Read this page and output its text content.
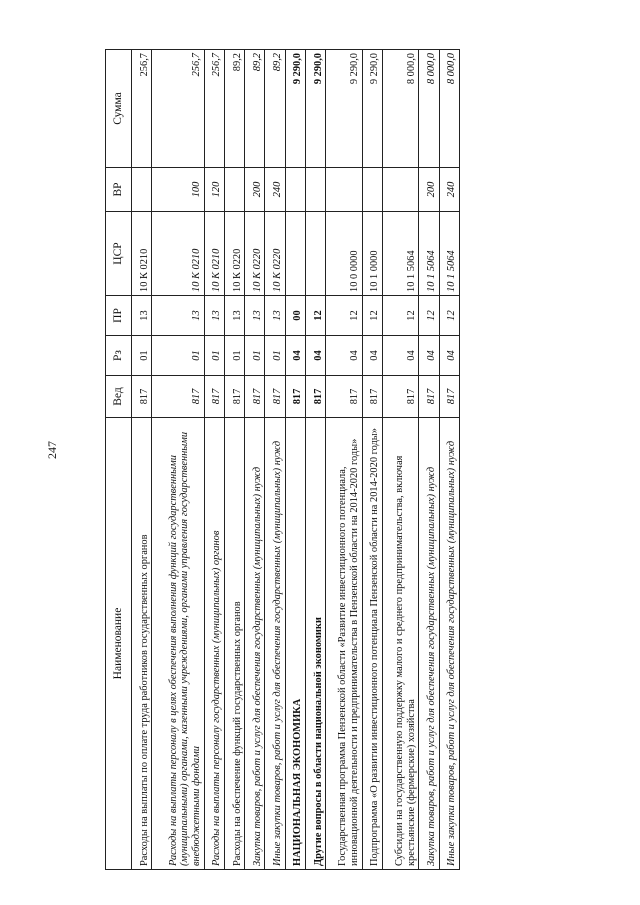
247
Наименование	Вед	Рз	ПР	ЦСР	ВР	Сумма
Расходы на выплаты по оплате труда работников государственных органов	817	01	13	10 К 0210		256,7
Расходы на выплаты персоналу в целях обеспечения выполнения функций государственными (муниципальными) органами, казенными учреждениями, органами управления государственными внебюджетными фондами	817	01	13	10 К 0210	100	256,7
Расходы на выплаты персоналу государственных (муниципальных) органов	817	01	13	10 К 0210	120	256,7
Расходы на обеспечение функций государственных органов	817	01	13	10 К 0220		89,2
Закупка товаров, работ и услуг для обеспечения государственных (муниципальных) нужд	817	01	13	10 К 0220	200	89,2
Иные закупки товаров, работ и услуг для обеспечения государственных (муниципальных) нужд	817	01	13	10 К 0220	240	89,2
НАЦИОНАЛЬНАЯ ЭКОНОМИКА	817	04	00			9 290,0
Другие вопросы в области национальной экономики	817	04	12			9 290,0
Государственная программа Пензенской области «Развитие инвестиционного потенциала, инновационной деятельности и предпринимательства в Пензенской области на 2014-2020 годы»	817	04	12	10 0 0000		9 290,0
Подпрограмма «О развитии инвестиционного потенциала Пензенской области на 2014-2020 годы»	817	04	12	10 1 0000		9 290,0
Субсидии на государственную поддержку малого и среднего предпринимательства, включая крестьянские (фермерские) хозяйства	817	04	12	10 1 5064		8 000,0
Закупка товаров, работ и услуг для обеспечения государственных (муниципальных) нужд	817	04	12	10 1 5064	200	8 000,0
Иные закупки товаров, работ и услуг для обеспечения государственных (муниципальных) нужд	817	04	12	10 1 5064	240	8 000,0
